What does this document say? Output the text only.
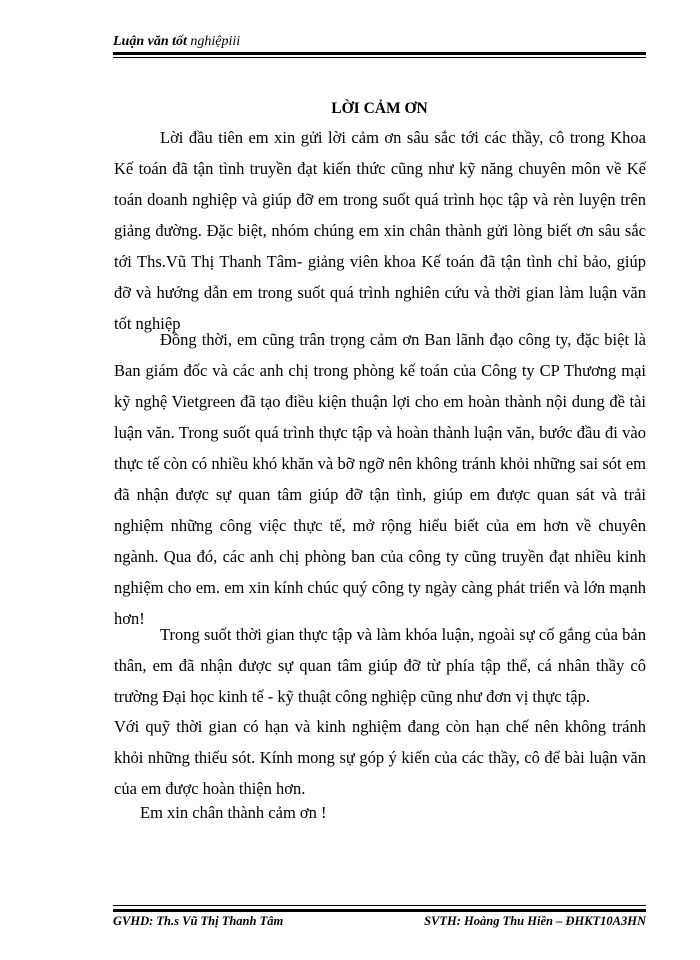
Luận văn tốt nghiệpiii
LỜI CẢM ƠN
Lời đầu tiên em xin gửi lời cảm ơn sâu sắc tới các thầy, cô trong Khoa Kế toán đã tận tình truyền đạt kiến thức cũng như kỹ năng chuyên môn về Kế toán doanh nghiệp và giúp đỡ em trong suốt quá trình học tập và rèn luyện trên giảng đường. Đặc biệt, nhóm chúng em xin chân thành gửi lòng biết ơn sâu sắc tới Ths.Vũ Thị Thanh Tâm- giảng viên khoa Kế toán đã tận tình chỉ bảo, giúp đỡ và hướng dẫn em trong suốt quá trình nghiên cứu và thời gian làm luận văn tốt nghiệp
Đồng thời, em cũng trân trọng cảm ơn Ban lãnh đạo công ty, đặc biệt là Ban giám đốc và các anh chị trong phòng kế toán của Công ty CP Thương mại kỹ nghệ Vietgreen đã tạo điều kiện thuận lợi cho em hoàn thành nội dung đề tài luận văn. Trong suốt quá trình thực tập và hoàn thành luận văn, bước đầu đi vào thực tế còn có nhiều khó khăn và bỡ ngỡ nên không tránh khỏi những sai sót em đã nhận được sự quan tâm giúp đỡ tận tình, giúp em được quan sát và trải nghiệm những công việc thực tế, mở rộng hiểu biết của em hơn về chuyên ngành. Qua đó, các anh chị phòng ban của công ty cũng truyền đạt nhiều kinh nghiệm cho em. em xin kính chúc quý công ty ngày càng phát triển và lớn mạnh hơn!
Trong suốt thời gian thực tập và làm khóa luận, ngoài sự cố gắng của bản thân, em đã nhận được sự quan tâm giúp đỡ từ phía tập thể, cá nhân thầy cô trường Đại học kinh tế - kỹ thuật công nghiệp cũng như đơn vị thực tập.
Với quỹ thời gian có hạn và kinh nghiệm đang còn hạn chế nên không tránh khỏi những thiếu sót. Kính mong sự góp ý kiến của các thầy, cô để bài luận văn của em được hoàn thiện hơn.
Em xin chân thành cảm ơn !
GVHD: Th.s Vũ Thị Thanh Tâm	SVTH: Hoàng Thu Hiền – ĐHKT10A3HN
